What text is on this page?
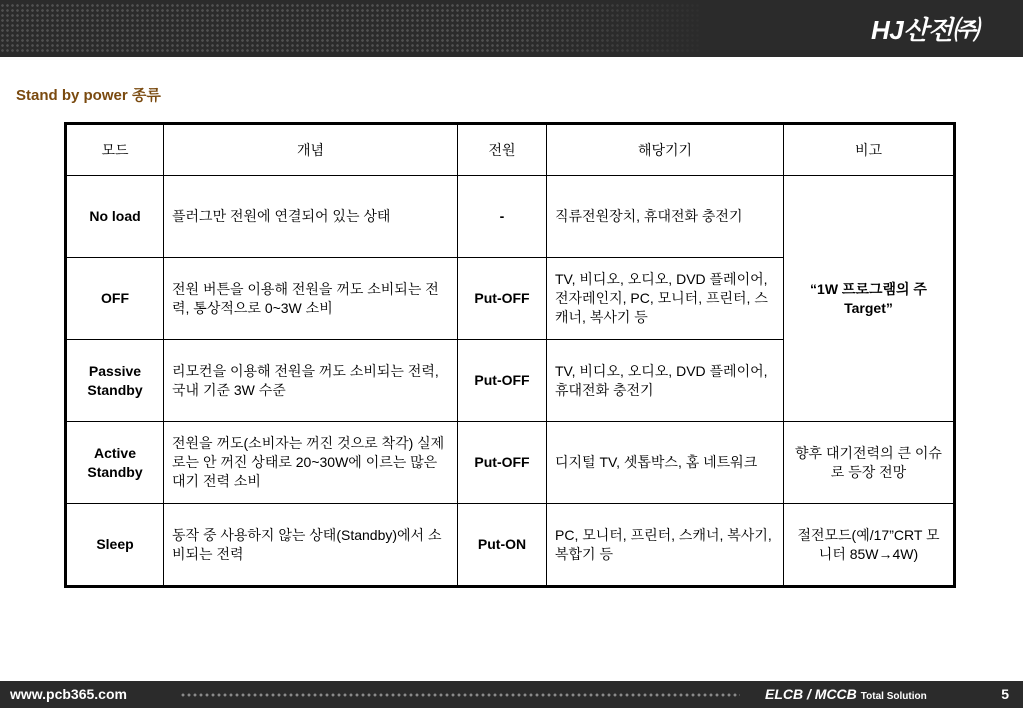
HJ산전㈜
Stand by power 종류
모드	개념	전원	해당기기	비고
No load	플러그만 전원에 연결되어 있는 상태	-	직류전원장치, 휴대전화 충전기	“1W 프로그램의 주 Target”
OFF	전원 버튼을 이용해 전원을 꺼도 소비되는 전력, 통상적으로 0~3W 소비	Put-OFF	TV, 비디오, 오디오, DVD 플레이어, 전자레인지, PC, 모니터, 프린터, 스캐너, 복사기 등	
Passive Standby	리모컨을 이용해 전원을 꺼도 소비되는 전력, 국내 기준 3W 수준	Put-OFF	TV, 비디오, 오디오, DVD 플레이어, 휴대전화 충전기	
Active Standby	전원을 꺼도(소비자는 꺼진 것으로 착각) 실제로는 안 꺼진 상태로 20~30W에 이르는 많은 대기 전력 소비	Put-OFF	디지털 TV, 셋톱박스, 홈 네트워크	향후 대기전력의 큰 이슈로 등장 전망
Sleep	동작 중 사용하지 않는 상태(Standby)에서 소비되는 전력	Put-ON	PC, 모니터, 프린터, 스캐너, 복사기, 복합기 등	절전모드(예/17”CRT 모니터 85W→4W)
www.pcb365.com	ELCB / MCCB Total Solution	5
